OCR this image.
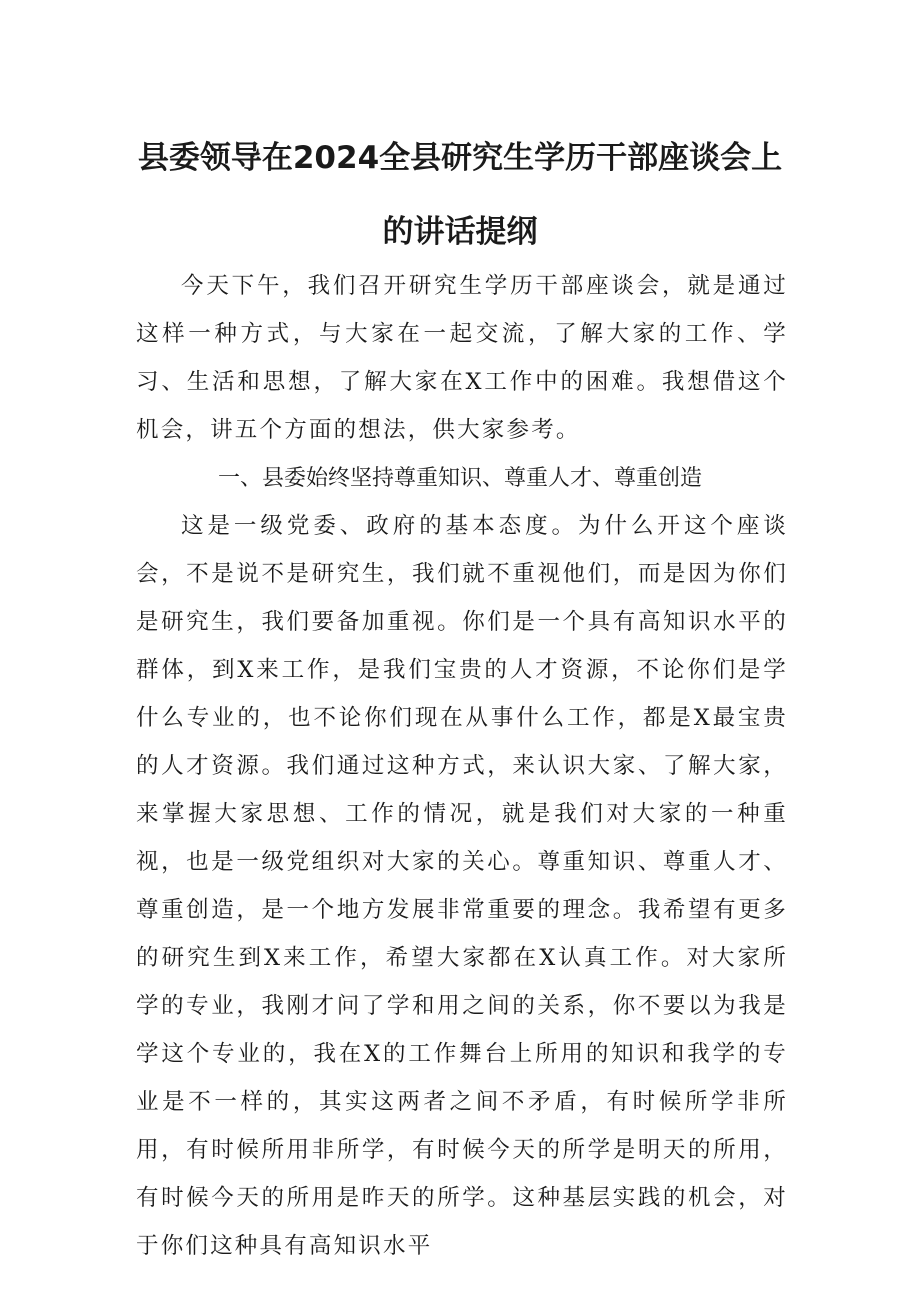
县委领导在2024全县研究生学历干部座谈会上
的讲话提纲

今天下午，我们召开研究生学历干部座谈会，就是通过这样一种方式，与大家在一起交流，了解大家的工作、学习、生活和思想，了解大家在X工作中的困难。我想借这个机会，讲五个方面的想法，供大家参考。

一、县委始终坚持尊重知识、尊重人才、尊重创造

这是一级党委、政府的基本态度。为什么开这个座谈会，不是说不是研究生，我们就不重视他们，而是因为你们是研究生，我们要备加重视。你们是一个具有高知识水平的群体，到X来工作，是我们宝贵的人才资源，不论你们是学什么专业的，也不论你们现在从事什么工作，都是X最宝贵的人才资源。我们通过这种方式，来认识大家、了解大家，来掌握大家思想、工作的情况，就是我们对大家的一种重视，也是一级党组织对大家的关心。尊重知识、尊重人才、尊重创造，是一个地方发展非常重要的理念。我希望有更多的研究生到X来工作，希望大家都在X认真工作。对大家所学的专业，我刚才问了学和用之间的关系，你不要以为我是学这个专业的，我在X的工作舞台上所用的知识和我学的专业是不一样的，其实这两者之间不矛盾，有时候所学非所用，有时候所用非所学，有时候今天的所学是明天的所用，有时候今天的所用是昨天的所学。这种基层实践的机会，对于你们这种具有高知识水平
